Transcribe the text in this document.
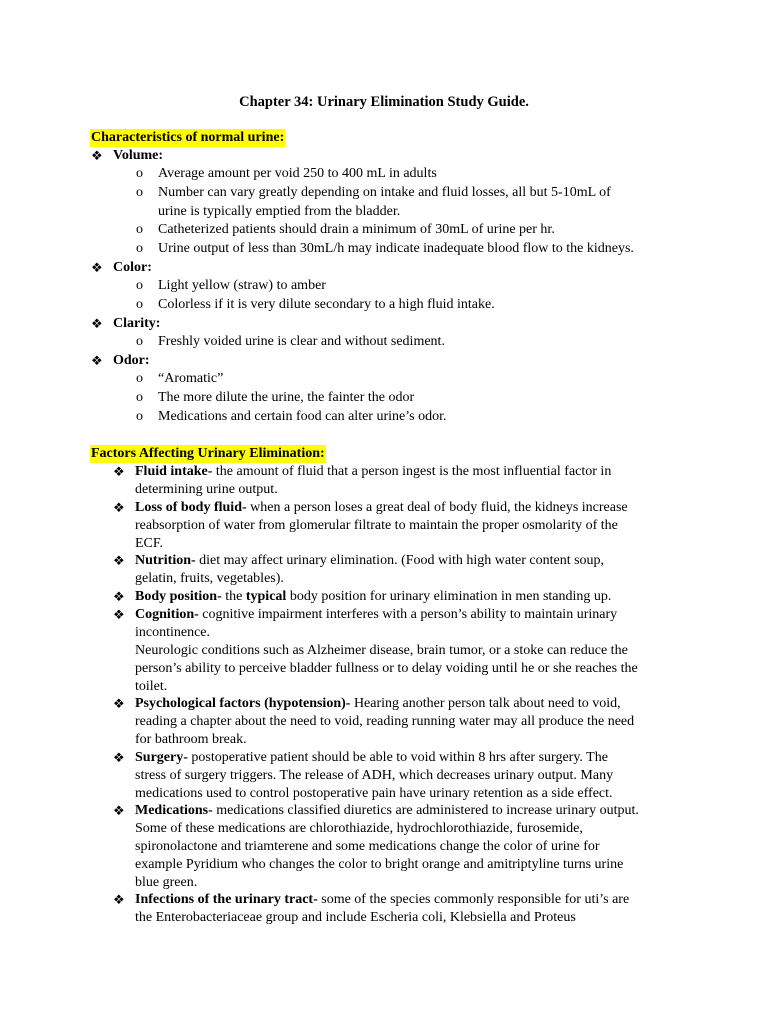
Chapter 34: Urinary Elimination Study Guide.
Characteristics of normal urine:
❖ Volume:
o Average amount per void 250 to 400 mL in adults
o Number can vary greatly depending on intake and fluid losses, all but 5-10mL of
urine is typically emptied from the bladder.
o Catheterized patients should drain a minimum of 30mL of urine per hr.
o Urine output of less than 30mL/h may indicate inadequate blood flow to the kidneys.
❖ Color:
o Light yellow (straw) to amber
o Colorless if it is very dilute secondary to a high fluid intake.
❖ Clarity:
o Freshly voided urine is clear and without sediment.
❖ Odor:
o “Aromatic”
o The more dilute the urine, the fainter the odor
o Medications and certain food can alter urine’s odor.
Factors Affecting Urinary Elimination:
❖ Fluid intake- the amount of fluid that a person ingest is the most influential factor in
determining urine output.
❖ Loss of body fluid- when a person loses a great deal of body fluid, the kidneys increase
reabsorption of water from glomerular filtrate to maintain the proper osmolarity of the
ECF.
❖ Nutrition- diet may affect urinary elimination. (Food with high water content soup,
gelatin, fruits, vegetables).
❖ Body position- the typical body position for urinary elimination in men standing up.
❖ Cognition- cognitive impairment interferes with a person’s ability to maintain urinary
incontinence.
Neurologic conditions such as Alzheimer disease, brain tumor, or a stoke can reduce the
person’s ability to perceive bladder fullness or to delay voiding until he or she reaches the
toilet.
❖ Psychological factors (hypotension)- Hearing another person talk about need to void,
reading a chapter about the need to void, reading running water may all produce the need
for bathroom break.
❖ Surgery- postoperative patient should be able to void within 8 hrs after surgery. The
stress of surgery triggers. The release of ADH, which decreases urinary output. Many
medications used to control postoperative pain have urinary retention as a side effect.
❖ Medications- medications classified diuretics are administered to increase urinary output.
Some of these medications are chlorothiazide, hydrochlorothiazide, furosemide,
spironolactone and triamterene and some medications change the color of urine for
example Pyridium who changes the color to bright orange and amitriptyline turns urine
blue green.
❖ Infections of the urinary tract- some of the species commonly responsible for uti’s are
the Enterobacteriaceae group and include Escheria coli, Klebsiella and Proteus
